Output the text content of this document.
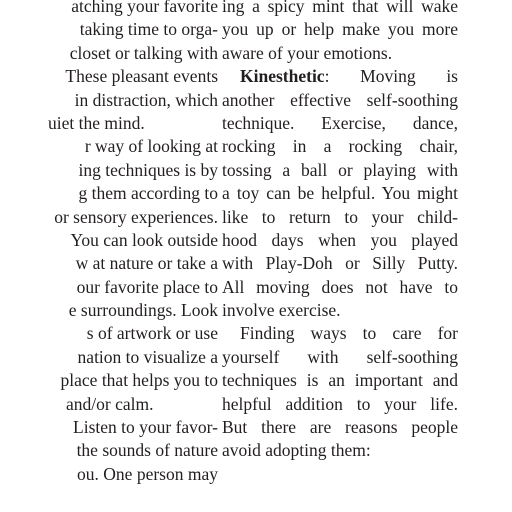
atching your favorite
taking time to orga-
closet or talking with
These pleasant events
in distraction, which
uiet the mind.
r way of looking at
ing techniques is by
g them according to
or sensory experiences.
You can look outside
w at nature or take a
our favorite place to
e surroundings. Look
s of artwork or use
nation to visualize a
place that helps you to
and/or calm.
Listen to your favor-
the sounds of nature
ou. One person may
ing a spicy mint that will wake
you up or help make you more
aware of your emotions.
Kinesthetic:  Moving  is
another effective self-soothing
technique. Exercise, dance,
rocking in a rocking chair,
tossing a ball or playing with
a toy can be helpful. You might
like to return to your child-
hood days when you played
with Play-Doh or Silly Putty.
All moving does not have to
involve exercise.
Finding ways to care for
yourself with self-soothing
techniques is an important and
helpful addition to your life.
But there are reasons people
avoid adopting them:
